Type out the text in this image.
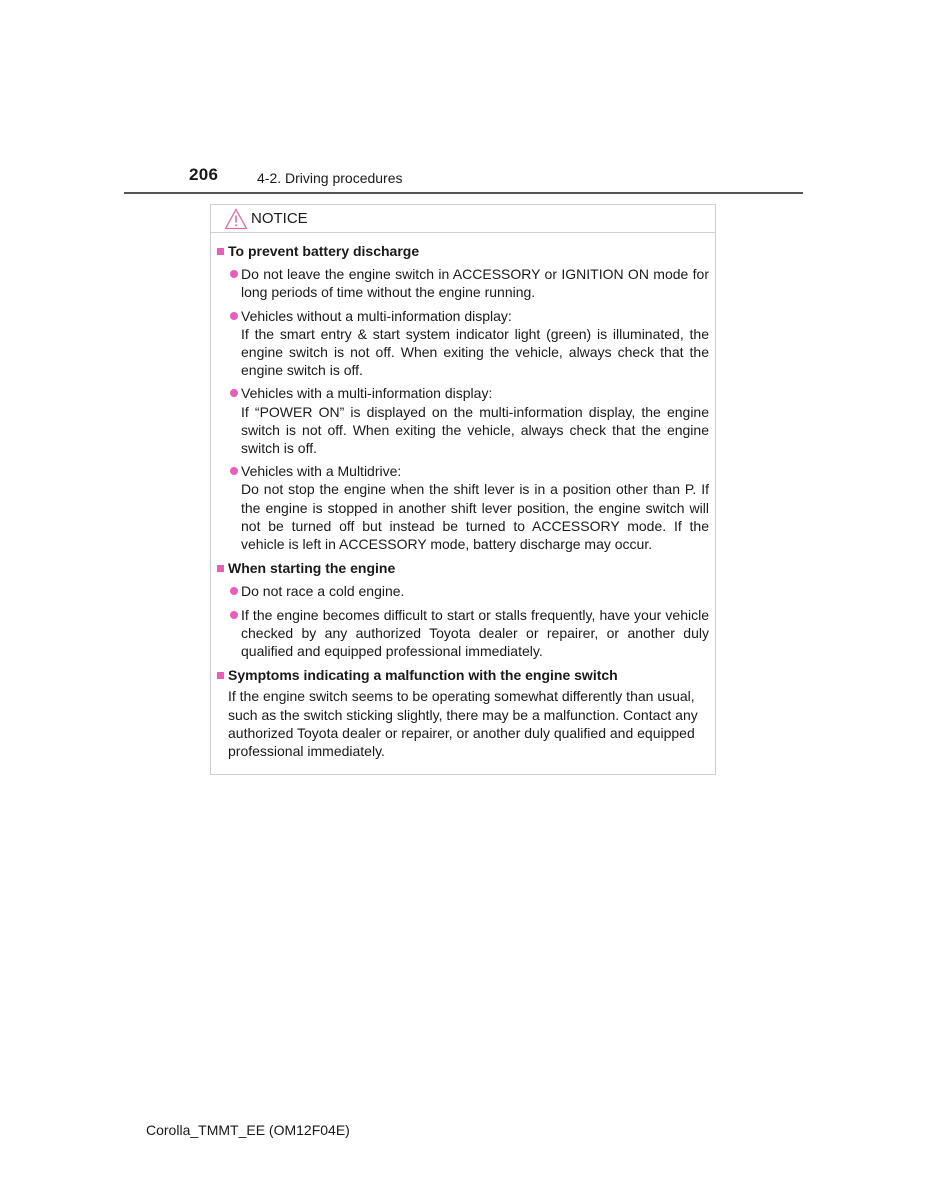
206	4-2. Driving procedures
NOTICE
To prevent battery discharge

Do not leave the engine switch in ACCESSORY or IGNITION ON mode for long periods of time without the engine running.

Vehicles without a multi-information display:

If the smart entry & start system indicator light (green) is illuminated, the engine switch is not off. When exiting the vehicle, always check that the engine switch is off.

Vehicles with a multi-information display:

If “POWER ON” is displayed on the multi-information display, the engine switch is not off. When exiting the vehicle, always check that the engine switch is off.

Vehicles with a Multidrive:

Do not stop the engine when the shift lever is in a position other than P. If the engine is stopped in another shift lever position, the engine switch will not be turned off but instead be turned to ACCESSORY mode. If the vehicle is left in ACCESSORY mode, battery discharge may occur.

When starting the engine

Do not race a cold engine.

If the engine becomes difficult to start or stalls frequently, have your vehicle checked by any authorized Toyota dealer or repairer, or another duly qualified and equipped professional immediately.

Symptoms indicating a malfunction with the engine switch
If the engine switch seems to be operating somewhat differently than usual, such as the switch sticking slightly, there may be a malfunction. Contact any authorized Toyota dealer or repairer, or another duly qualified and equipped professional immediately.
Corolla_TMMT_EE (OM12F04E)
